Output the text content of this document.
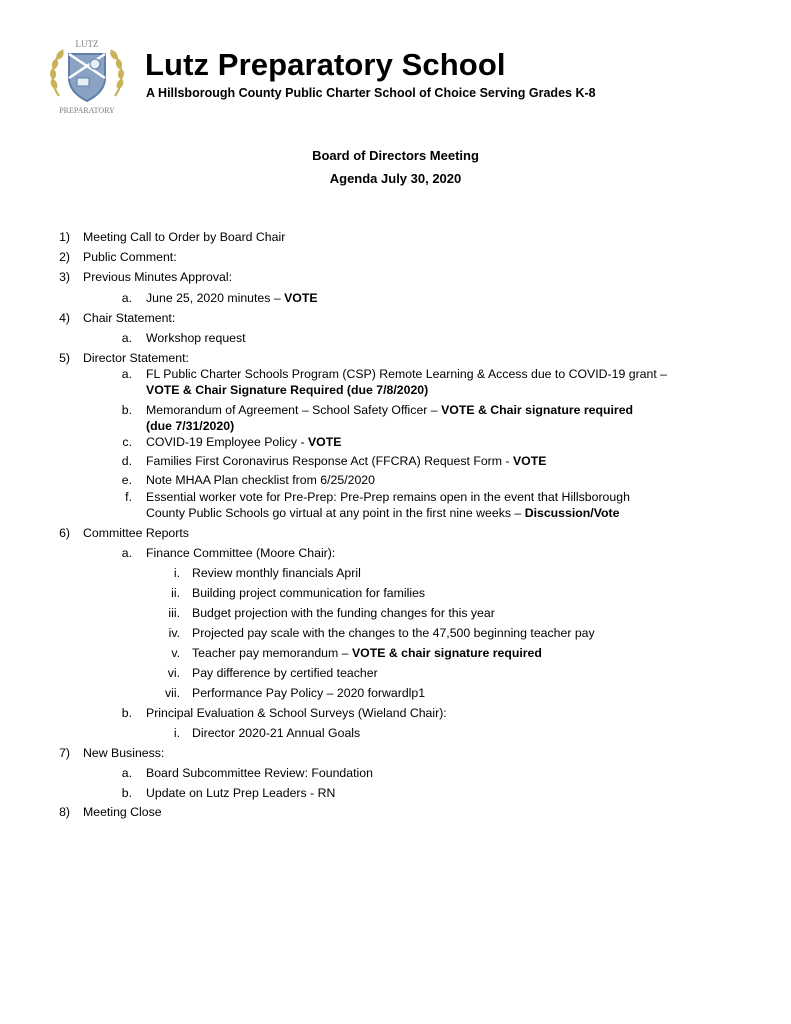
LUTZ
PREPARATORY
Lutz Preparatory School
A Hillsborough County Public Charter School of Choice Serving Grades K-8
Board of Directors Meeting
Agenda July 30, 2020
1) Meeting Call to Order by Board Chair
2) Public Comment:
3) Previous Minutes Approval:
a. June 25, 2020 minutes – VOTE
4) Chair Statement:
a. Workshop request
5) Director Statement:
a. FL Public Charter Schools Program (CSP) Remote Learning & Access due to COVID-19 grant –
VOTE & Chair Signature Required (due 7/8/2020)
b. Memorandum of Agreement – School Safety Officer – VOTE & Chair signature required
(due 7/31/2020)
c. COVID-19 Employee Policy - VOTE
d. Families First Coronavirus Response Act (FFCRA) Request Form - VOTE
e. Note MHAA Plan checklist from 6/25/2020
f. Essential worker vote for Pre-Prep: Pre-Prep remains open in the event that Hillsborough
County Public Schools go virtual at any point in the first nine weeks – Discussion/Vote
6) Committee Reports
a. Finance Committee (Moore Chair):
i. Review monthly financials April
ii. Building project communication for families
iii. Budget projection with the funding changes for this year
iv. Projected pay scale with the changes to the 47,500 beginning teacher pay
v. Teacher pay memorandum – VOTE & chair signature required
vi. Pay difference by certified teacher
vii. Performance Pay Policy – 2020 forwardlp1
b. Principal Evaluation & School Surveys (Wieland Chair):
i. Director 2020-21 Annual Goals
7) New Business:
a. Board Subcommittee Review: Foundation
b. Update on Lutz Prep Leaders - RN
8) Meeting Close
